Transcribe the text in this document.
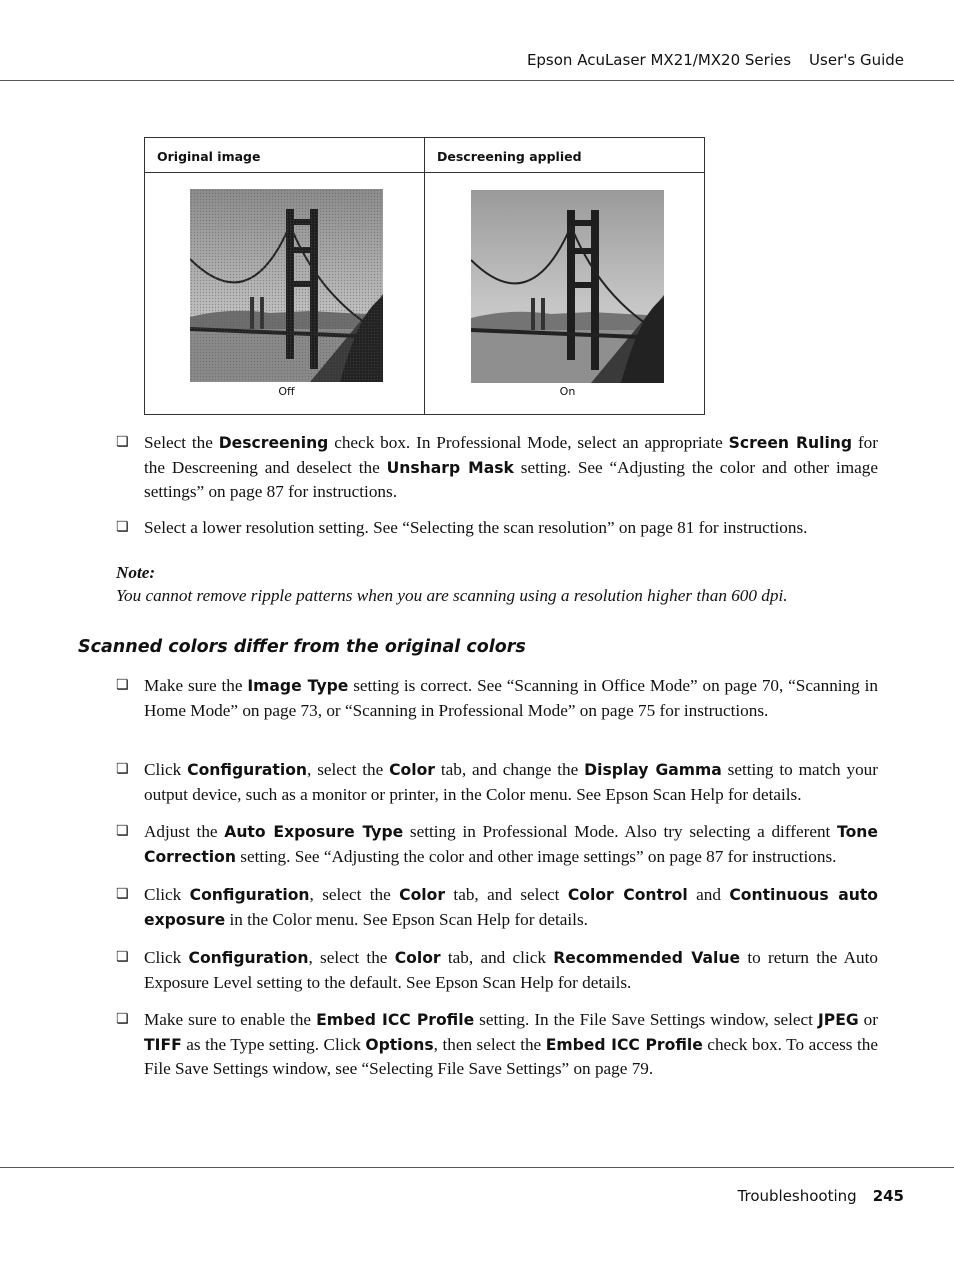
Epson AcuLaser MX21/MX20 Series User's Guide
Original image	Descreening applied
Off	On
❏ Select the Descreening check box. In Professional Mode, select an appropriate Screen Ruling for the Descreening and deselect the Unsharp Mask setting. See “Adjusting the color and other image settings” on page 87 for instructions.
❏ Select a lower resolution setting. See “Selecting the scan resolution” on page 81 for instructions.
Note:
You cannot remove ripple patterns when you are scanning using a resolution higher than 600 dpi.
Scanned colors differ from the original colors
❏ Make sure the Image Type setting is correct. See “Scanning in Office Mode” on page 70, “Scanning in Home Mode” on page 73, or “Scanning in Professional Mode” on page 75 for instructions.
❏ Click Configuration, select the Color tab, and change the Display Gamma setting to match your output device, such as a monitor or printer, in the Color menu. See Epson Scan Help for details.
❏ Adjust the Auto Exposure Type setting in Professional Mode. Also try selecting a different Tone Correction setting. See “Adjusting the color and other image settings” on page 87 for instructions.
❏ Click Configuration, select the Color tab, and select Color Control and Continuous auto exposure in the Color menu. See Epson Scan Help for details.
❏ Click Configuration, select the Color tab, and click Recommended Value to return the Auto Exposure Level setting to the default. See Epson Scan Help for details.
❏ Make sure to enable the Embed ICC Profile setting. In the File Save Settings window, select JPEG or TIFF as the Type setting. Click Options, then select the Embed ICC Profile check box. To access the File Save Settings window, see “Selecting File Save Settings” on page 79.
Troubleshooting 245
